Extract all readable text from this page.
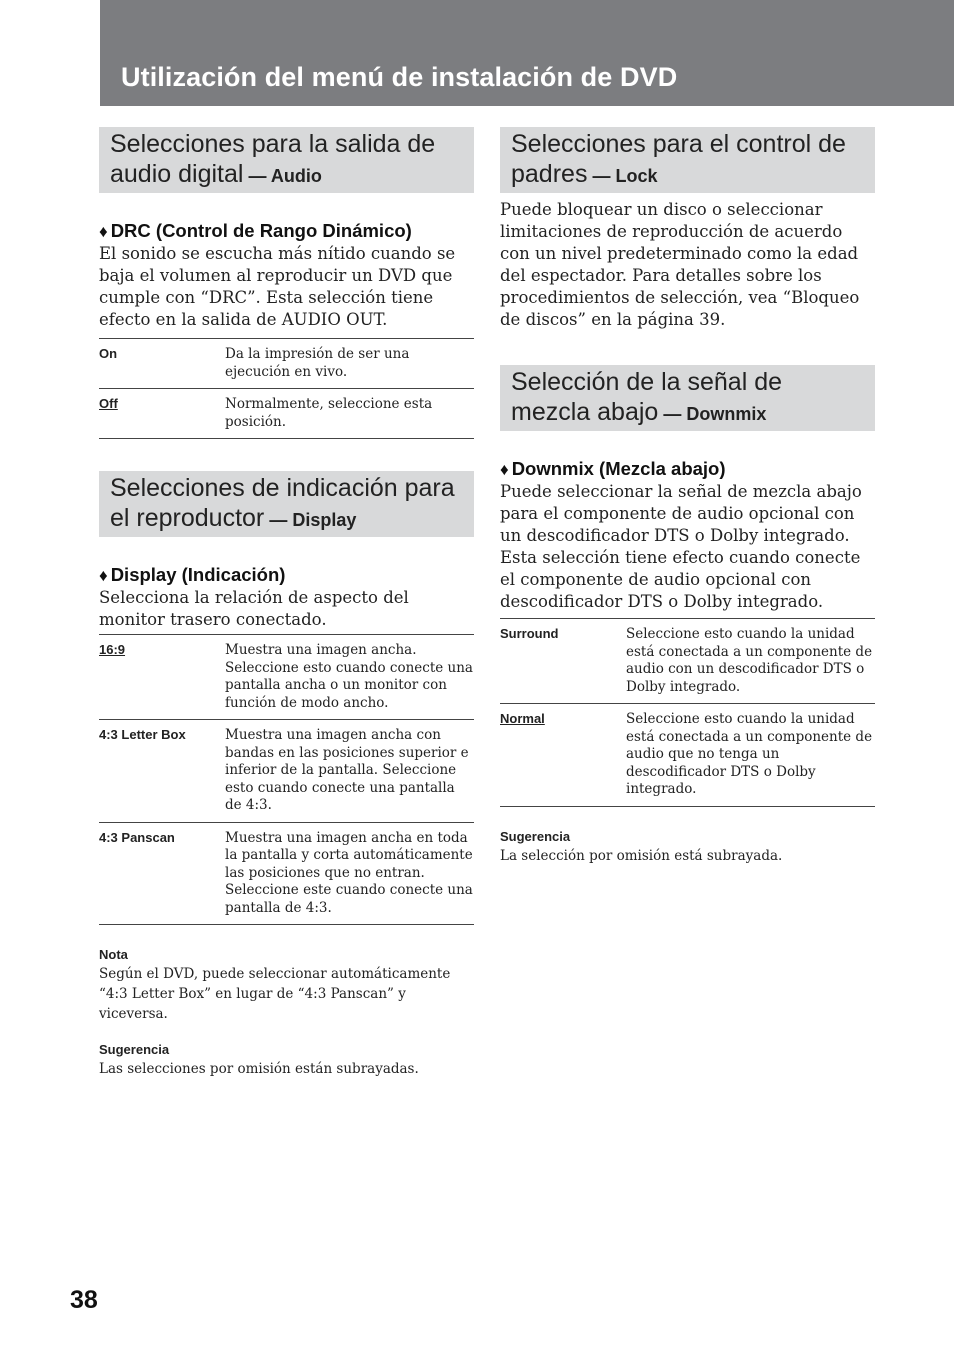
Utilización del menú de instalación de DVD
Selecciones para la salida de audio digital — Audio
♦ DRC (Control de Rango Dinámico)

El sonido se escucha más nítido cuando se baja el volumen al reproducir un DVD que cumple con “DRC”. Esta selección tiene efecto en la salida de AUDIO OUT.

On	Da la impresión de ser una ejecución en vivo.
Off	Normalmente, seleccione esta posición.
Selecciones de indicación para el reproductor — Display
♦ Display (Indicación)

Selecciona la relación de aspecto del monitor trasero conectado.

16:9	Muestra una imagen ancha. Seleccione esto cuando conecte una pantalla ancha o un monitor con función de modo ancho.
4:3 Letter Box	Muestra una imagen ancha con bandas en las posiciones superior e inferior de la pantalla. Seleccione esto cuando conecte una pantalla de 4:3.
4:3 Panscan	Muestra una imagen ancha en toda la pantalla y corta automáticamente las posiciones que no entran. Seleccione este cuando conecte una pantalla de 4:3.
Nota

Según el DVD, puede seleccionar automáticamente “4:3 Letter Box” en lugar de “4:3 Panscan” y viceversa.

Sugerencia

Las selecciones por omisión están subrayadas.

Selecciones para el control de padres — Lock

Puede bloquear un disco o seleccionar limitaciones de reproducción de acuerdo con un nivel predeterminado como la edad del espectador. Para detalles sobre los procedimientos de selección, vea “Bloqueo de discos” en la página 39.

Selección de la señal de mezcla abajo — Downmix
♦ Downmix (Mezcla abajo)

Puede seleccionar la señal de mezcla abajo para el componente de audio opcional con un descodificador DTS o Dolby integrado. Esta selección tiene efecto cuando conecte el componente de audio opcional con descodificador DTS o Dolby integrado.

Surround	Seleccione esto cuando la unidad está conectada a un componente de audio con un descodificador DTS o Dolby integrado.
Normal	Seleccione esto cuando la unidad está conectada a un componente de audio que no tenga un descodificador DTS o Dolby integrado.
Sugerencia

La selección por omisión está subrayada.

38
